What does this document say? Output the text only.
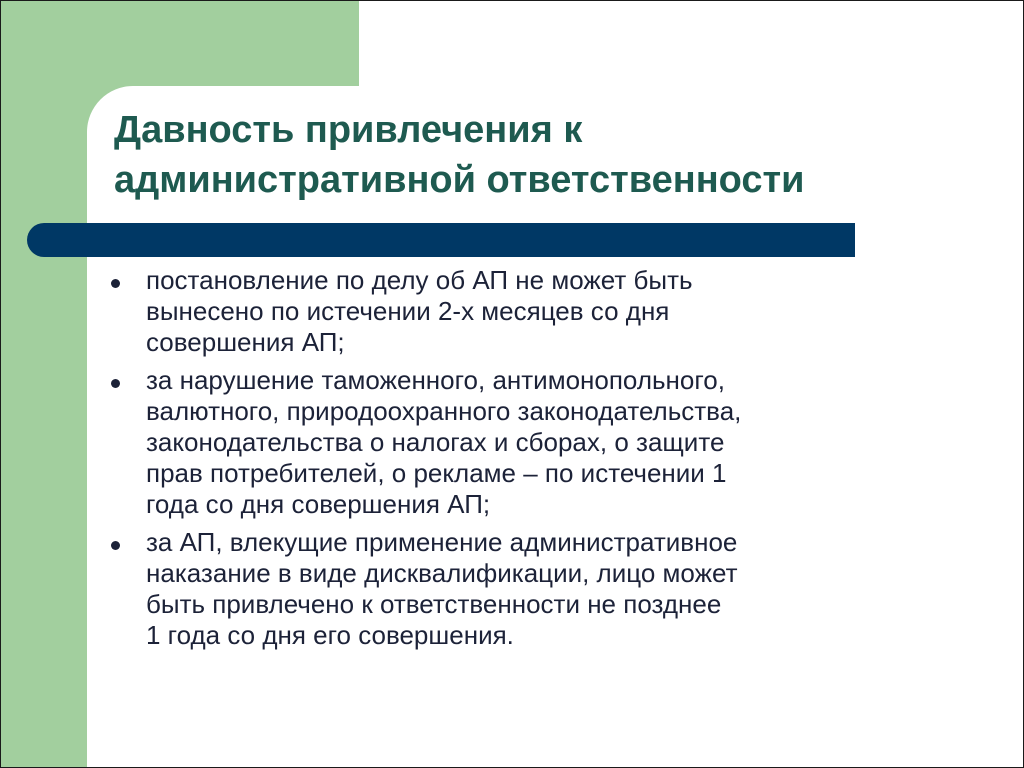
Давность привлечения к
административной ответственности
постановление по делу об АП не может быть
вынесено по истечении 2-х месяцев со дня
совершения АП;
за нарушение таможенного, антимонопольного,
валютного, природоохранного законодательства,
законодательства о налогах и сборах, о защите
прав потребителей, о рекламе – по истечении 1
года со дня совершения АП;
за АП, влекущие применение административное
наказание в виде дисквалификации, лицо может
быть привлечено к ответственности не позднее
1 года со дня его совершения.
